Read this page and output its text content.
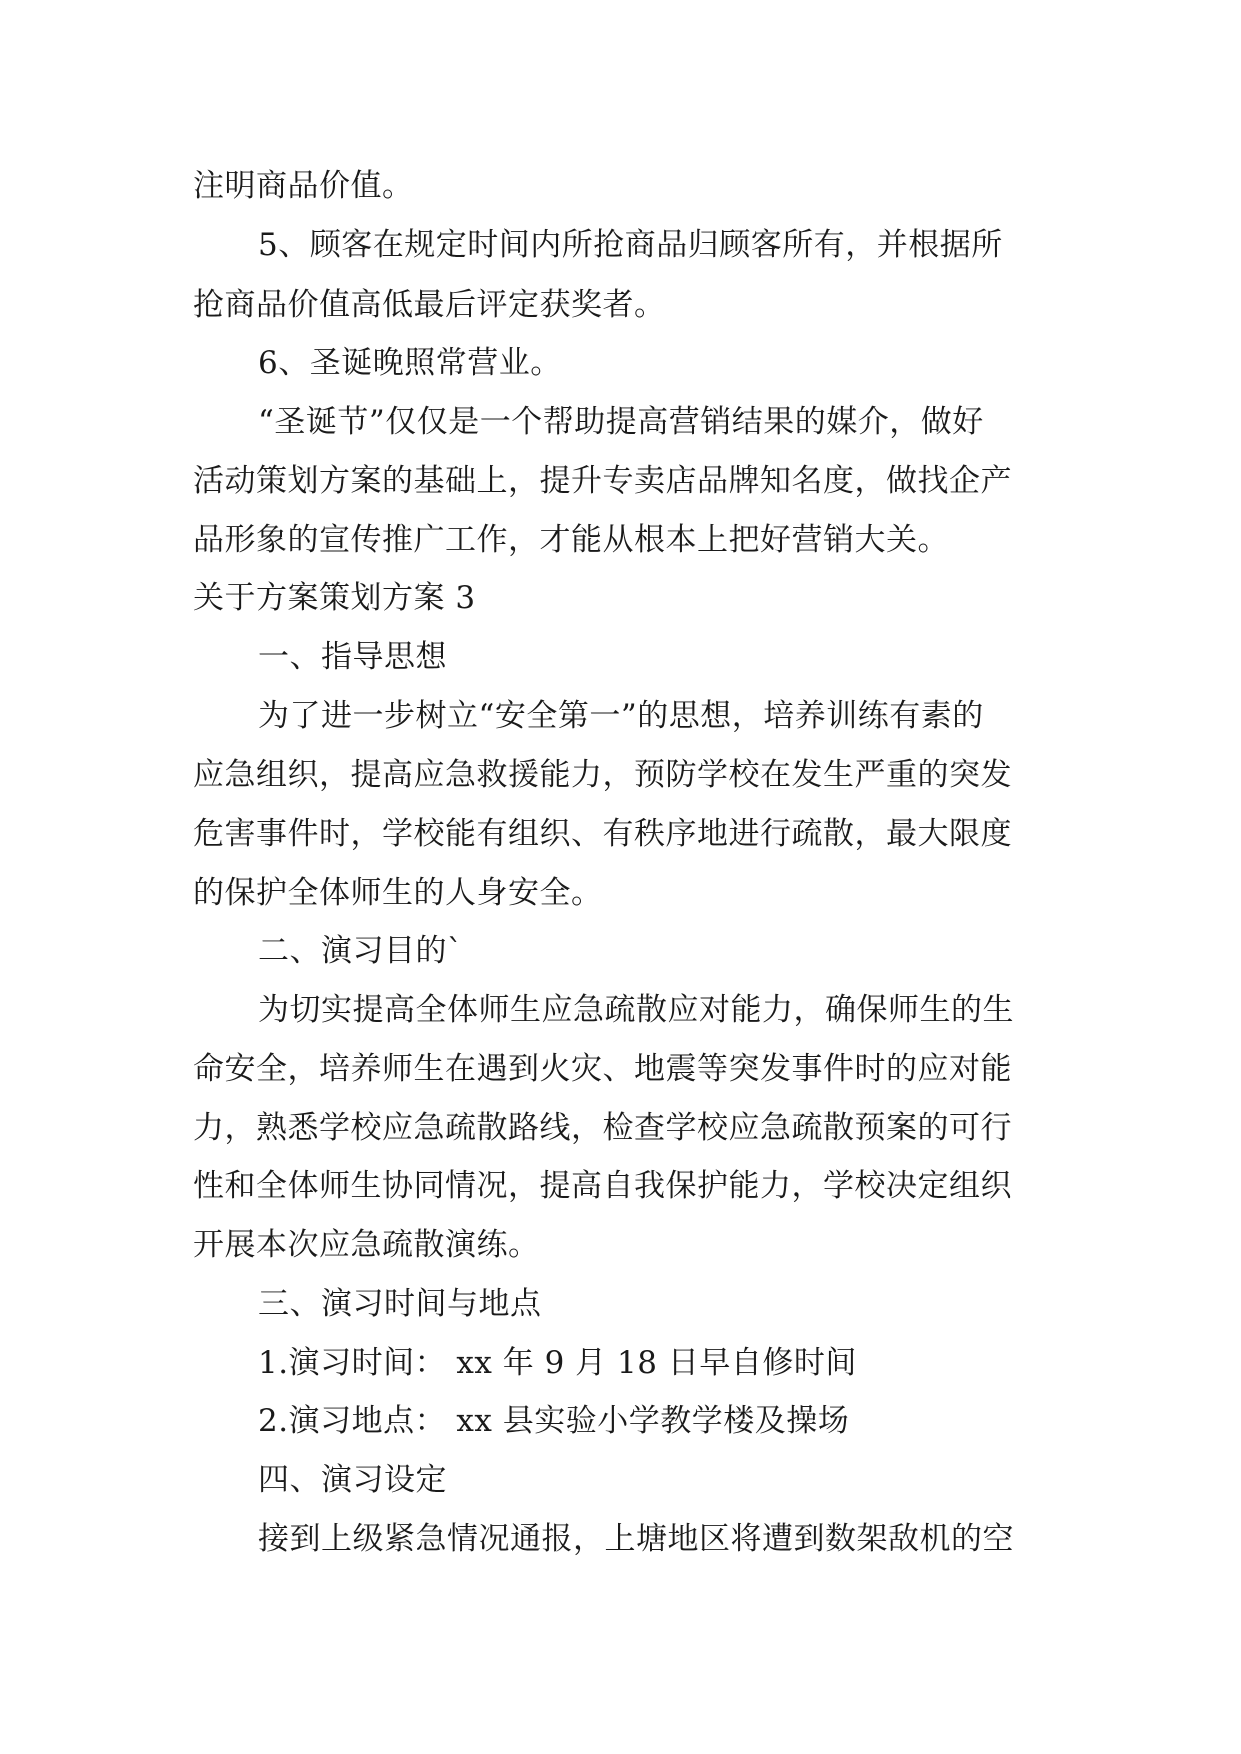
注明商品价值。
5、顾客在规定时间内所抢商品归顾客所有，并根据所
抢商品价值高低最后评定获奖者。
6、圣诞晚照常营业。
“圣诞节”仅仅是一个帮助提高营销结果的媒介，做好
活动策划方案的基础上，提升专卖店品牌知名度，做找企产
品形象的宣传推广工作，才能从根本上把好营销大关。
关于方案策划方案 3
一、指导思想
为了进一步树立“安全第一”的思想，培养训练有素的
应急组织，提高应急救援能力，预防学校在发生严重的突发
危害事件时，学校能有组织、有秩序地进行疏散，最大限度
的保护全体师生的人身安全。
二、演习目的`
为切实提高全体师生应急疏散应对能力，确保师生的生
命安全，培养师生在遇到火灾、地震等突发事件时的应对能
力，熟悉学校应急疏散路线，检查学校应急疏散预案的可行
性和全体师生协同情况，提高自我保护能力，学校决定组织
开展本次应急疏散演练。
三、演习时间与地点
1.演习时间： xx 年 9 月 18 日早自修时间
2.演习地点： xx 县实验小学教学楼及操场
四、演习设定
接到上级紧急情况通报，上塘地区将遭到数架敌机的空
